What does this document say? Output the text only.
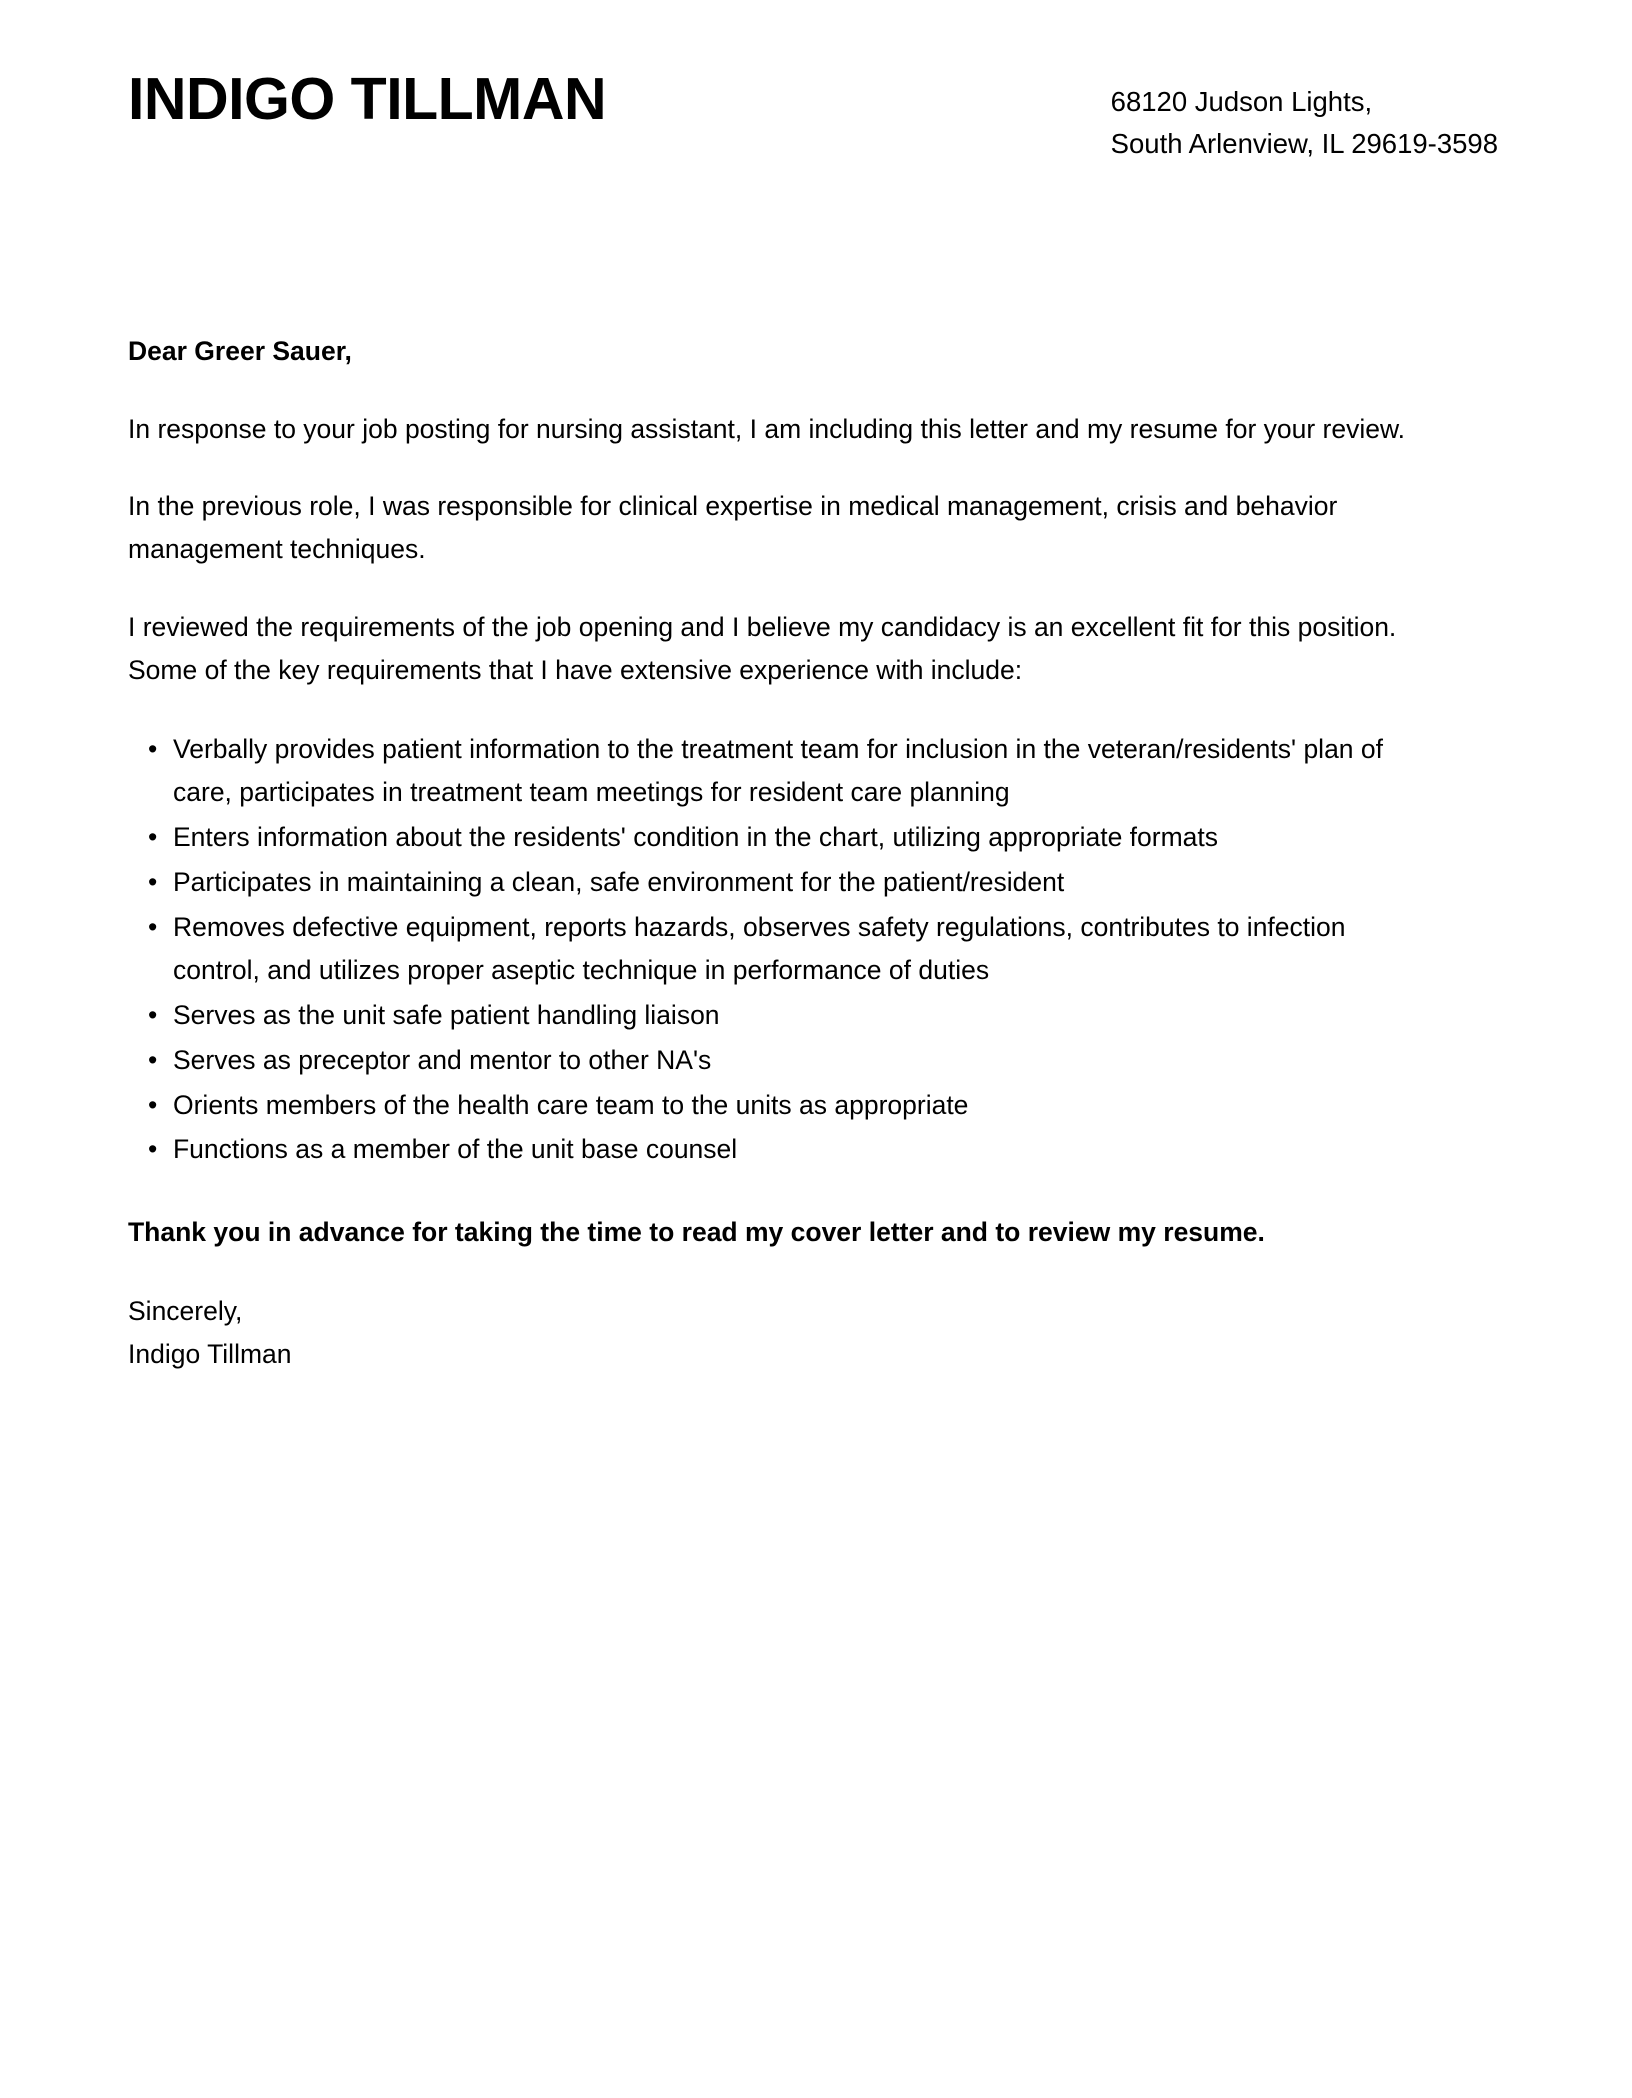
INDIGO TILLMAN	68120 Judson Lights,
South Arlenview, IL 29619-3598

Dear Greer Sauer,

In response to your job posting for nursing assistant, I am including this letter and my resume for your review.

In the previous role, I was responsible for clinical expertise in medical management, crisis and behavior management techniques.

I reviewed the requirements of the job opening and I believe my candidacy is an excellent fit for this position. Some of the key requirements that I have extensive experience with include:

• Verbally provides patient information to the treatment team for inclusion in the veteran/residents' plan of care, participates in treatment team meetings for resident care planning
• Enters information about the residents' condition in the chart, utilizing appropriate formats
• Participates in maintaining a clean, safe environment for the patient/resident
• Removes defective equipment, reports hazards, observes safety regulations, contributes to infection control, and utilizes proper aseptic technique in performance of duties
• Serves as the unit safe patient handling liaison
• Serves as preceptor and mentor to other NA's
• Orients members of the health care team to the units as appropriate
• Functions as a member of the unit base counsel

Thank you in advance for taking the time to read my cover letter and to review my resume.

Sincerely,
Indigo Tillman
